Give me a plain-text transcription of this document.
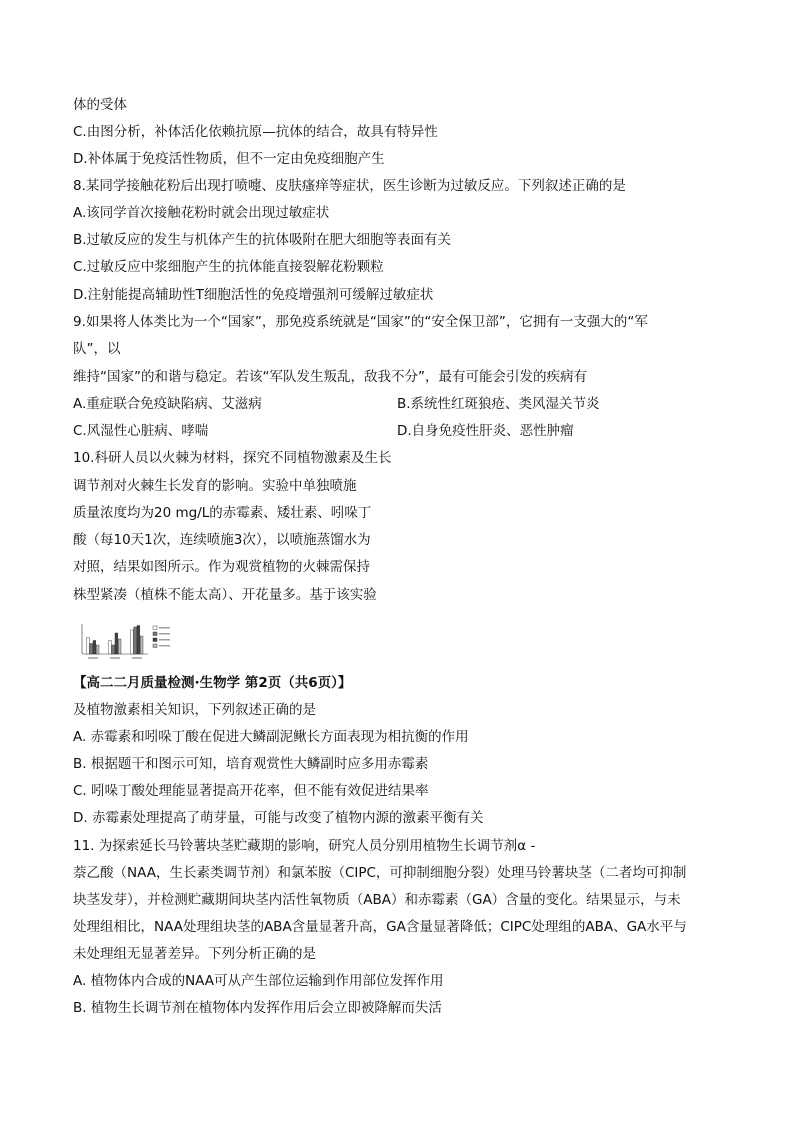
体的受体
C.由图分析，补体活化依赖抗原—抗体的结合，故具有特异性
D.补体属于免疫活性物质，但不一定由免疫细胞产生
8.某同学接触花粉后出现打喷嚏、皮肤瘙痒等症状，医生诊断为过敏反应。下列叙述正确的是
A.该同学首次接触花粉时就会出现过敏症状
B.过敏反应的发生与机体产生的抗体吸附在肥大细胞等表面有关
C.过敏反应中浆细胞产生的抗体能直接裂解花粉颗粒
D.注射能提高辅助性T细胞活性的免疫增强剂可缓解过敏症状
9.如果将人体类比为一个“国家”，那免疫系统就是“国家”的“安全保卫部”，它拥有一支强大的“军
队”，以
维持“国家”的和谐与稳定。若该“军队发生叛乱，敌我不分”，最有可能会引发的疾病有
A.重症联合免疫缺陷病、艾滋病	B.系统性红斑狼疮、类风湿关节炎
C.风湿性心脏病、哮喘	D.自身免疫性肝炎、恶性肿瘤
10.科研人员以火棘为材料，探究不同植物激素及生长
调节剂对火棘生长发育的影响。实验中单独喷施
质量浓度均为20 mg/L的赤霉素、矮壮素、吲哚丁
酸（每10天1次，连续喷施3次），以喷施蒸馏水为
对照，结果如图所示。作为观赏植物的火棘需保持
株型紧凑（植株不能太高）、开花量多。基于该实验
【高二二月质量检测·生物学 第2页（共6页）】
及植物激素相关知识，下列叙述正确的是
A. 赤霉素和吲哚丁酸在促进大鳞副泥鳅长方面表现为相抗衡的作用
B. 根据题干和图示可知，培育观赏性大鳞副时应多用赤霉素
C. 吲哚丁酸处理能显著提高开花率，但不能有效促进结果率
D. 赤霉素处理提高了萌芽量，可能与改变了植物内源的激素平衡有关
11. 为探索延长马铃薯块茎贮藏期的影响，研究人员分别用植物生长调节剂α -
萘乙酸（NAA，生长素类调节剂）和氯苯胺（CIPC，可抑制细胞分裂）处理马铃薯块茎（二者均可抑制
块茎发芽），并检测贮藏期间块茎内活性氧物质（ABA）和赤霉素（GA）含量的变化。结果显示，与未
处理组相比，NAA处理组块茎的ABA含量显著升高，GA含量显著降低；CIPC处理组的ABA、GA水平与
未处理组无显著差异。下列分析正确的是
A. 植物体内合成的NAA可从产生部位运输到作用部位发挥作用
B. 植物生长调节剂在植物体内发挥作用后会立即被降解而失活
